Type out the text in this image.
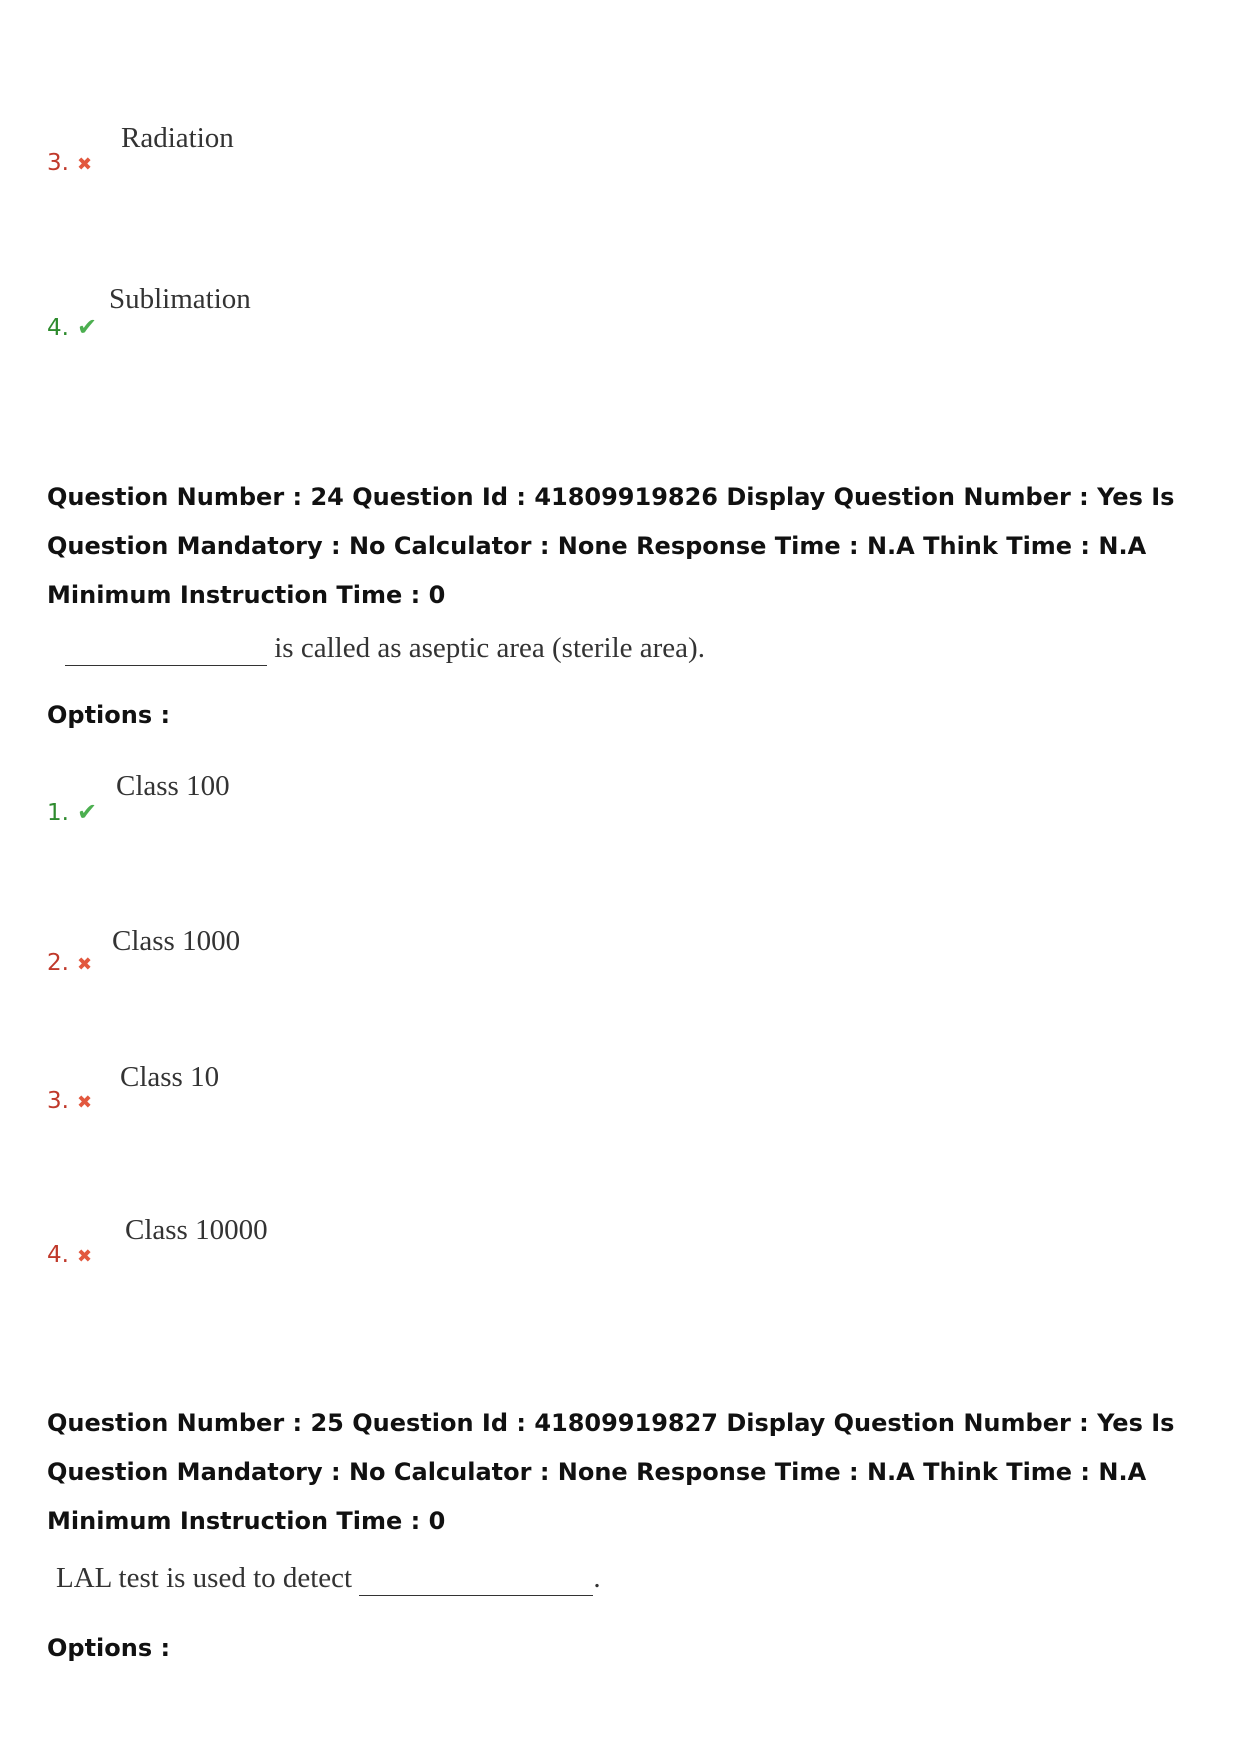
Radiation
3. ✖
Sublimation
4. ✔
Question Number : 24 Question Id : 41809919826 Display Question Number : Yes Is Question Mandatory : No Calculator : None Response Time : N.A Think Time : N.A Minimum Instruction Time : 0
is called as aseptic area (sterile area).
Options :
Class 100
1. ✔
Class 1000
2. ✖
Class 10
3. ✖
Class 10000
4. ✖
Question Number : 25 Question Id : 41809919827 Display Question Number : Yes Is Question Mandatory : No Calculator : None Response Time : N.A Think Time : N.A Minimum Instruction Time : 0
LAL test is used to detect	.
Options :
